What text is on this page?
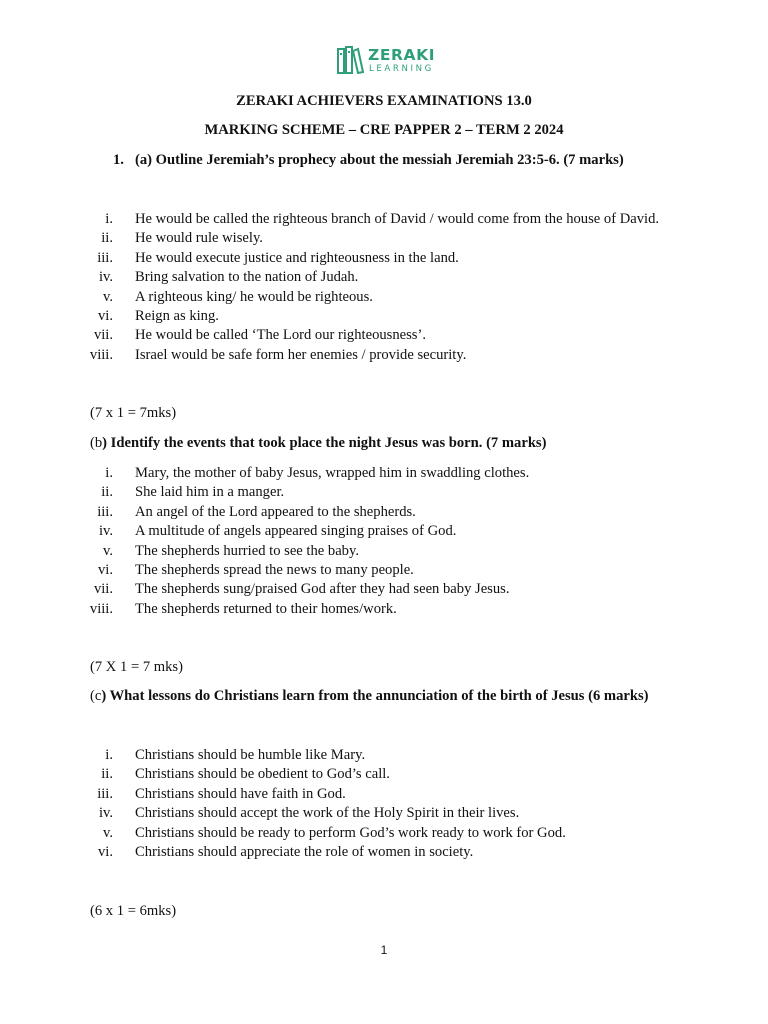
ZERAKI
LEARNING
ZERAKI ACHIEVERS EXAMINATIONS 13.0
MARKING SCHEME – CRE PAPPER 2 – TERM 2 2024
1. (a) Outline Jeremiah’s prophecy about the messiah Jeremiah 23:5-6. (7 marks)
i. He would be called the righteous branch of David / would come from the house of David.
ii. He would rule wisely.
iii. He would execute justice and righteousness in the land.
iv. Bring salvation to the nation of Judah.
v. A righteous king/ he would be righteous.
vi. Reign as king.
vii. He would be called ‘The Lord our righteousness’.
viii. Israel would be safe form her enemies / provide security.
(7 x 1 = 7mks)
(b) Identify the events that took place the night Jesus was born. (7 marks)
i. Mary, the mother of baby Jesus, wrapped him in swaddling clothes.
ii. She laid him in a manger.
iii. An angel of the Lord appeared to the shepherds.
iv. A multitude of angels appeared singing praises of God.
v. The shepherds hurried to see the baby.
vi. The shepherds spread the news to many people.
vii. The shepherds sung/praised God after they had seen baby Jesus.
viii. The shepherds returned to their homes/work.
(7 X 1 = 7 mks)
(c) What lessons do Christians learn from the annunciation of the birth of Jesus (6 marks)
i. Christians should be humble like Mary.
ii. Christians should be obedient to God’s call.
iii. Christians should have faith in God.
iv. Christians should accept the work of the Holy Spirit in their lives.
v. Christians should be ready to perform God’s work ready to work for God.
vi. Christians should appreciate the role of women in society.
(6 x 1 = 6mks)
1
